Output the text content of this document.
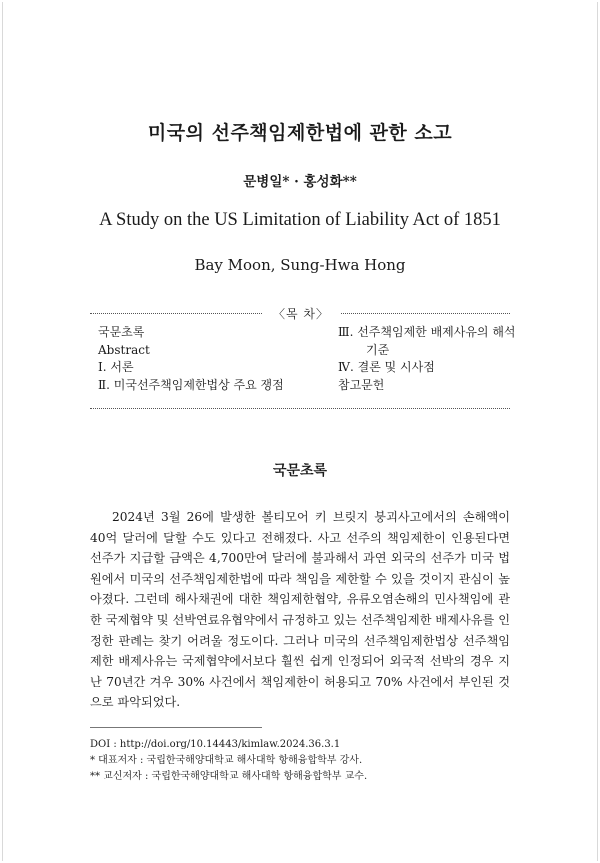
미국의 선주책임제한법에 관한 소고
문병일* · 홍성화**
A Study on the US Limitation of Liability Act of 1851
Bay Moon, Sung-Hwa Hong
〈목 차〉
국문초록
Abstract
Ⅰ. 서론
Ⅱ. 미국선주책임제한법상 주요 쟁점
Ⅲ. 선주책임제한 배제사유의 해석
기준
Ⅳ. 결론 및 시사점
참고문헌
국문초록

2024년 3월 26에 발생한 볼티모어 키 브릿지 붕괴사고에서의 손해액이 40억 달러에 달할 수도 있다고 전해졌다. 사고 선주의 책임제한이 인용된다면 선주가 지급할 금액은 4,700만여 달러에 불과해서 과연 외국의 선주가 미국 법원에서 미국의 선주책임제한법에 따라 책임을 제한할 수 있을 것이지 관심이 높아졌다. 그런데 해사채권에 대한 책임제한협약, 유류오염손해의 민사책임에 관한 국제협약 및 선박연료유협약에서 규정하고 있는 선주책임제한 배제사유를 인정한 판례는 찾기 어려울 정도이다. 그러나 미국의 선주책임제한법상 선주책임제한 배제사유는 국제협약에서보다 훨씬 쉽게 인정되어 외국적 선박의 경우 지난 70년간 겨우 30% 사건에서 책임제한이 허용되고 70% 사건에서 부인된 것으로 파악되었다.

DOI : http://doi.org/10.14443/kimlaw.2024.36.3.1
* 대표저자 : 국립한국해양대학교 해사대학 항해융합학부 강사.
** 교신저자 : 국립한국해양대학교 해사대학 항해융합학부 교수.
